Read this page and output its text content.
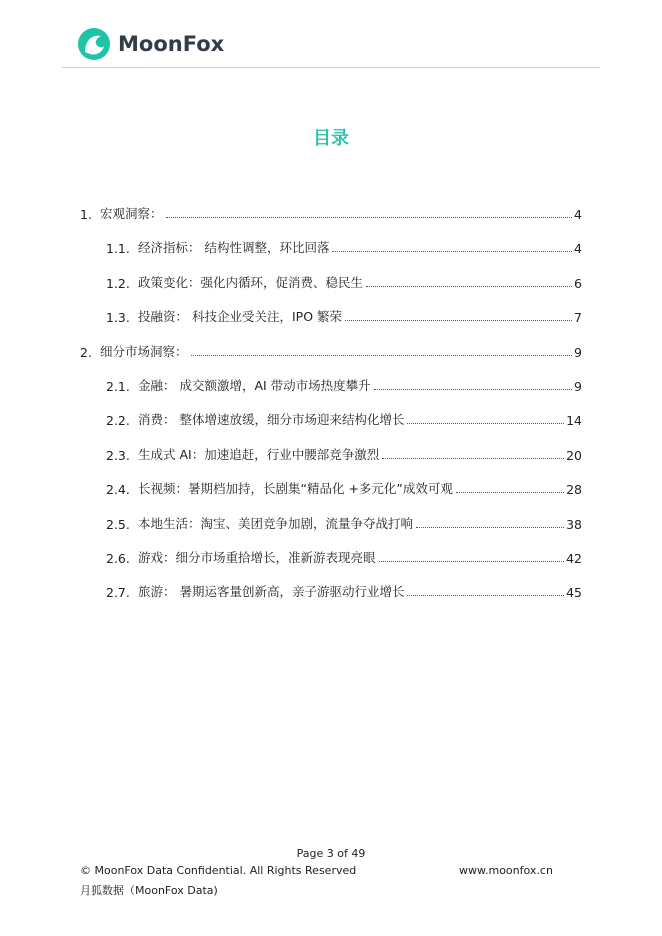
MoonFox
目录
1. 宏观洞察：	4
1.1. 经济指标： 结构性调整，环比回落	4
1.2. 政策变化：强化内循环，促消费、稳民生	6
1.3. 投融资： 科技企业受关注，IPO 繁荣	7
2. 细分市场洞察：	9
2.1. 金融： 成交额激增，AI 带动市场热度攀升	9
2.2. 消费： 整体增速放缓，细分市场迎来结构化增长	14
2.3. 生成式 AI：加速追赶，行业中腰部竞争激烈	20
2.4. 长视频：暑期档加持，长剧集“精品化 +多元化”成效可观	28
2.5. 本地生活：淘宝、美团竞争加剧，流量争夺战打响	38
2.6. 游戏：细分市场重拾增长，准新游表现亮眼	42
2.7. 旅游： 暑期运客量创新高，亲子游驱动行业增长	45
Page 3 of 49
© MoonFox Data Confidential. All Rights Reserved	www.moonfox.cn
月狐数据（MoonFox Data)
